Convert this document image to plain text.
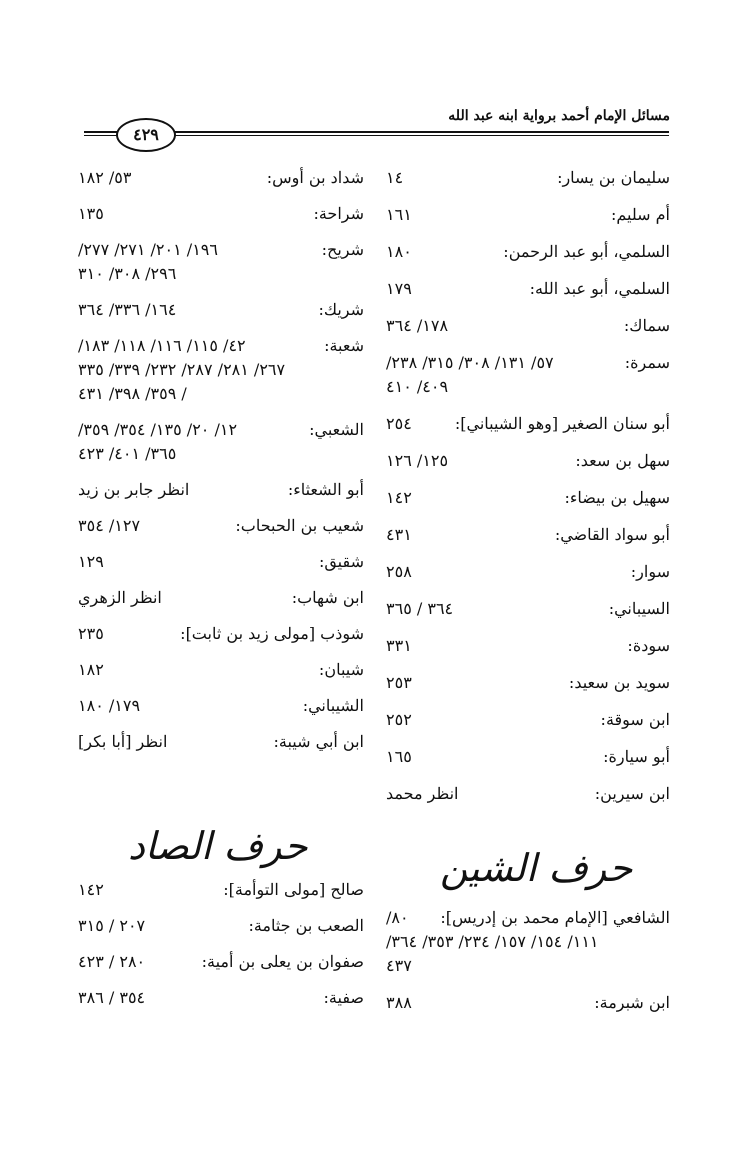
مسائل الإمام أحمد برواية ابنه عبد الله
٤٢٩
سليمان بن يسار:
١٤
أم سليم:
١٦١
السلمي، أبو عبد الرحمن:
١٨٠
السلمي، أبو عبد الله:
١٧٩
سماك:
١٧٨/ ٣٦٤
سمرة:
٥٧/ ١٣١/ ٣٠٨/ ٣١٥/ ٢٣٨/
٤٠٩/ ٤١٠
أبو سنان الصغير [وهو الشيباني]:
٢٥٤
سهل بن سعد:
١٢٥/ ١٢٦
سهيل بن بيضاء:
١٤٢
أبو سواد القاضي:
٤٣١
سوار:
٢٥٨
السيباني:
٣٦٤ / ٣٦٥
سودة:
٣٣١
سويد بن سعيد:
٢٥٣
ابن سوقة:
٢٥٢
أبو سيارة:
١٦٥
ابن سيرين:
انظر محمد
حرف الشين
الشافعي [الإمام محمد بن إدريس]:
٨٠/
١١١/ ١٥٤/ ١٥٧/ ٢٣٤/ ٣٥٣/ ٣٦٤/
٤٣٧
ابن شبرمة:
٣٨٨
شداد بن أوس:
٥٣/ ١٨٢
شراحة:
١٣٥
شريح:
١٩٦/ ٢٠١/ ٢٧١/ ٢٧٧/
٢٩٦/ ٣٠٨/ ٣١٠
شريك:
١٦٤/ ٣٣٦/ ٣٦٤
شعبة:
٤٢/ ١١٥/ ١١٦/ ١١٨/ ١٨٣/
٢٦٧/ ٢٨١/ ٢٨٧/ ٢٣٢/ ٣٣٩/ ٣٣٥
/ ٣٥٩/ ٣٩٨/ ٤٣١
الشعبي:
١٢/ ٢٠/ ١٣٥/ ٣٥٤/ ٣٥٩/
٣٦٥/ ٤٠١/ ٤٢٣
أبو الشعثاء:
انظر جابر بن زيد
شعيب بن الحبحاب:
١٢٧/ ٣٥٤
شقيق:
١٢٩
ابن شهاب:
انظر الزهري
شوذب [مولى زيد بن ثابت]:
٢٣٥
شيبان:
١٨٢
الشيباني:
١٧٩/ ١٨٠
ابن أبي شيبة:
انظر [أبا بكر]
حرف الصاد
صالح [مولى التوأمة]:
١٤٢
الصعب بن جثامة:
٢٠٧ / ٣١٥
صفوان بن يعلى بن أمية:
٢٨٠ / ٤٢٣
صفية:
٣٥٤ / ٣٨٦
